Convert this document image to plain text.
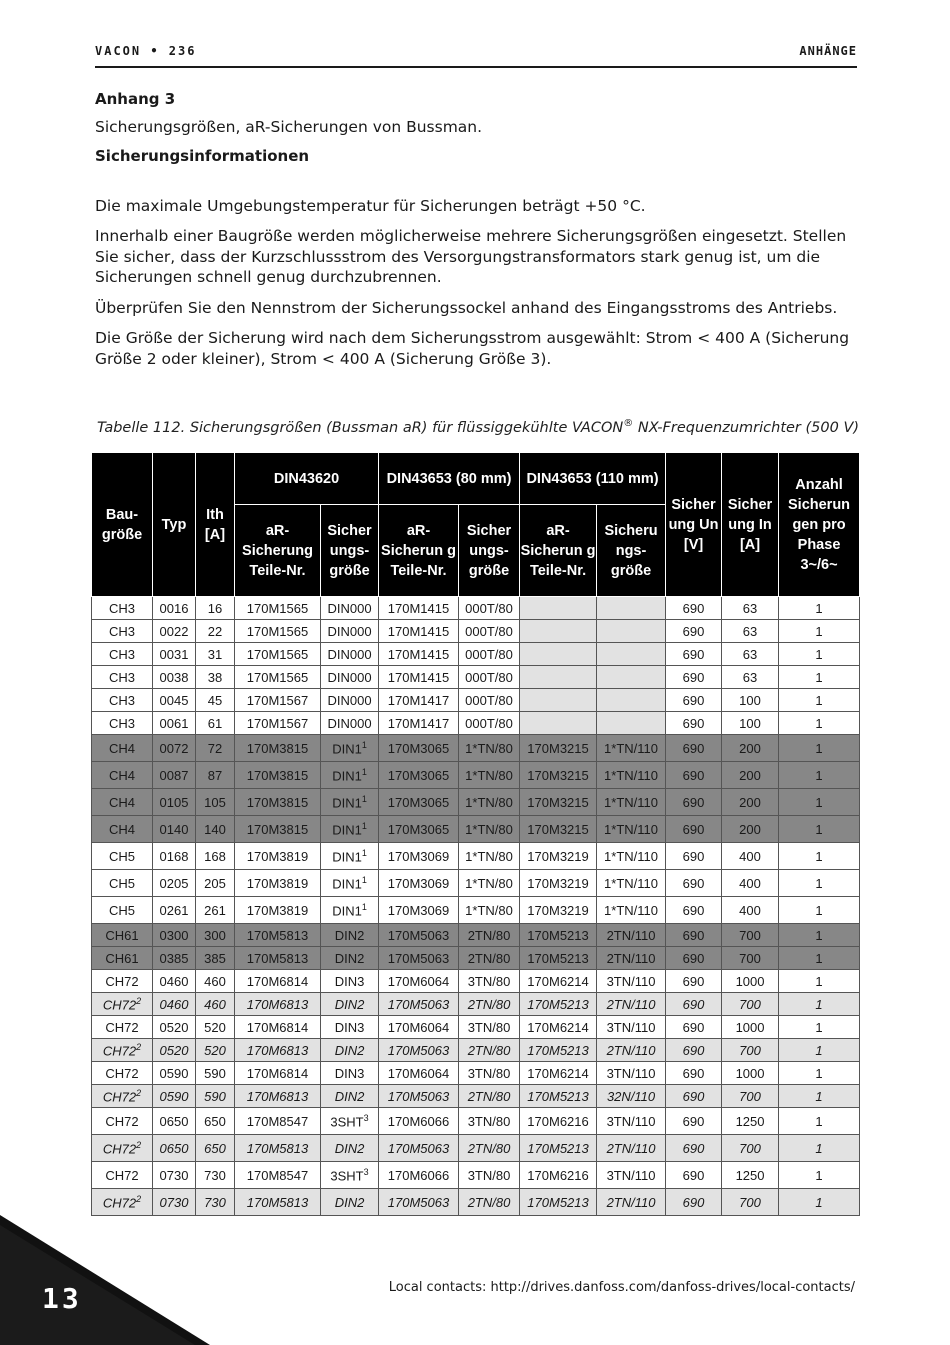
VACON • 236	ANHÄNGE

Anhang 3

Sicherungsgrößen, aR-Sicherungen von Bussman.

Sicherungsinformationen

Die maximale Umgebungstemperatur für Sicherungen beträgt +50 °C.

Innerhalb einer Baugröße werden möglicherweise mehrere Sicherungsgrößen eingesetzt. Stellen Sie sicher, dass der Kurzschlussstrom des Versorgungstransformators stark genug ist, um die Sicherungen schnell genug durchzubrennen.

Überprüfen Sie den Nennstrom der Sicherungssockel anhand des Eingangsstroms des Antriebs.

Die Größe der Sicherung wird nach dem Sicherungsstrom ausgewählt: Strom < 400 A (Sicherung Größe 2 oder kleiner), Strom < 400 A (Sicherung Größe 3).

Tabelle 112. Sicherungsgrößen (Bussman aR) für flüssiggekühlte VACON® NX-Frequenzumrichter (500 V)
Bau-größe	Typ	Ith [A]	DIN43620		DIN43653 (80 mm)		DIN43653 (110 mm)		Sicher ung Un [V]	Sicher ung In [A]	Anzahl Sicherun gen pro Phase 3~/6~
			aR-Sicherung Teile-Nr.	Sicher ungs-größe	aR-Sicherun g Teile-Nr.	Sicher ungs-größe	aR-Sicherun g Teile-Nr.	Sicheru ngs-größe			
CH3	0016	16	170M1565	DIN000	170M1415	000T/80			690	63	1
CH3	0022	22	170M1565	DIN000	170M1415	000T/80			690	63	1
CH3	0031	31	170M1565	DIN000	170M1415	000T/80			690	63	1
CH3	0038	38	170M1565	DIN000	170M1415	000T/80			690	63	1
CH3	0045	45	170M1567	DIN000	170M1417	000T/80			690	100	1
CH3	0061	61	170M1567	DIN000	170M1417	000T/80			690	100	1
CH4	0072	72	170M3815	$DIN1^1$	170M3065	1*TN/80	170M3215	1*TN/110	690	200	1
CH4	0087	87	170M3815	$DIN1^1$	170M3065	1*TN/80	170M3215	1*TN/110	690	200	1
CH4	0105	105	170M3815	$DIN1^1$	170M3065	1*TN/80	170M3215	1*TN/110	690	200	1
CH4	0140	140	170M3815	$DIN1^1$	170M3065	1*TN/80	170M3215	1*TN/110	690	200	1
CH5	0168	168	170M3819	$DIN1^1$	170M3069	1*TN/80	170M3219	1*TN/110	690	400	1
CH5	0205	205	170M3819	$DIN1^1$	170M3069	1*TN/80	170M3219	1*TN/110	690	400	1
CH5	0261	261	170M3819	$DIN1^1$	170M3069	1*TN/80	170M3219	1*TN/110	690	400	1
CH61	0300	300	170M5813	DIN2	170M5063	2TN/80	170M5213	2TN/110	690	700	1
CH61	0385	385	170M5813	DIN2	170M5063	2TN/80	170M5213	2TN/110	690	700	1
CH72	0460	460	170M6814	DIN3	170M6064	3TN/80	170M6214	3TN/110	690	1000	1
$CH72^2$	0460	460	170M6813	DIN2	170M5063	2TN/80	170M5213	2TN/110	690	700	1
CH72	0520	520	170M6814	DIN3	170M6064	3TN/80	170M6214	3TN/110	690	1000	1
$CH72^2$	0520	520	170M6813	DIN2	170M5063	2TN/80	170M5213	2TN/110	690	700	1
CH72	0590	590	170M6814	DIN3	170M6064	3TN/80	170M6214	3TN/110	690	1000	1
$CH72^2$	0590	590	170M6813	DIN2	170M5063	2TN/80	170M5213	32N/110	690	700	1
CH72	0650	650	170M8547	3SHT$^3$	170M6066	3TN/80	170M6216	3TN/110	690	1250	1
$CH72^2$	0650	650	170M5813	DIN2	170M5063	2TN/80	170M5213	2TN/110	690	700	1
CH72	0730	730	170M8547	3SHT$^3$	170M6066	3TN/80	170M6216	3TN/110	690	1250	1
$CH72^2$	0730	730	170M5813	DIN2	170M5063	2TN/80	170M5213	2TN/110	690	700	1
Local contacts: http://drives.danfoss.com/danfoss-drives/local-contacts/
13
